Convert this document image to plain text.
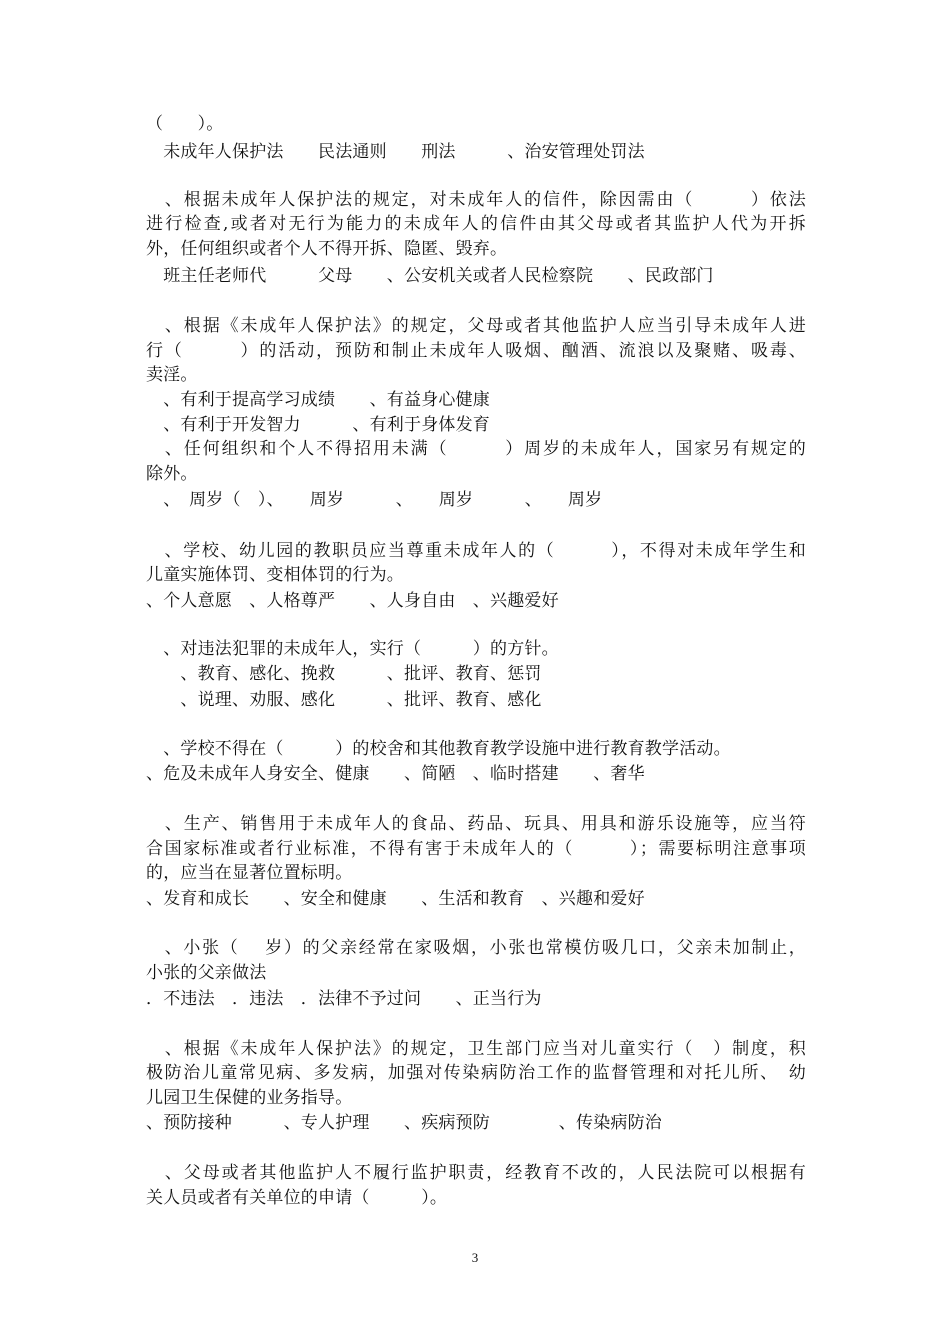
（　　）。
　未成年人保护法　　民法通则　　刑法　　　、治安管理处罚法
　、根据未成年人保护法的规定，对未成年人的信件，除因需由（　　　）依法
进行检查,或者对无行为能力的未成年人的信件由其父母或者其监护人代为开拆
外，任何组织或者个人不得开拆、隐匿、毁弃。
　班主任老师代　　　父母　　、公安机关或者人民检察院　　、民政部门
　、根据《未成年人保护法》的规定，父母或者其他监护人应当引导未成年人进
行（　　　）的活动，预防和制止未成年人吸烟、酗酒、流浪以及聚赌、吸毒、
卖淫。
　、有利于提高学习成绩　　、有益身心健康
　、有利于开发智力　　　、有利于身体发育
　、任何组织和个人不得招用未满（　　　）周岁的未成年人，国家另有规定的
除外。
　、　周岁（　）、　　周岁　　　、　　周岁　　　、　　周岁
　、学校、幼儿园的教职员应当尊重未成年人的（　　　），不得对未成年学生和
儿童实施体罚、变相体罚的行为。
、个人意愿　、人格尊严　　、人身自由　、兴趣爱好
　、对违法犯罪的未成年人，实行（　　　）的方针。
　　、教育、感化、挽救　　　、批评、教育、惩罚
　　、说理、劝服、感化　　　、批评、教育、感化
　、学校不得在（　　　）的校舍和其他教育教学设施中进行教育教学活动。
、危及未成年人身安全、健康　　、简陋　、临时搭建　　、奢华
　、生产、销售用于未成年人的食品、药品、玩具、用具和游乐设施等，应当符
合国家标准或者行业标准，不得有害于未成年人的（　　　）；需要标明注意事项
的，应当在显著位置标明。
、发育和成长　　、安全和健康　　、生活和教育　、兴趣和爱好
　、小张（　 岁）的父亲经常在家吸烟，小张也常模仿吸几口，父亲未加制止，
小张的父亲做法
．不违法　．违法　．法律不予过问　　、正当行为
　、根据《未成年人保护法》的规定，卫生部门应当对儿童实行（　）制度，积
极防治儿童常见病、多发病，加强对传染病防治工作的监督管理和对托儿所、　幼
儿园卫生保健的业务指导。
、预防接种　　　、专人护理　　、疾病预防　　　　、传染病防治
　、父母或者其他监护人不履行监护职责，经教育不改的，人民法院可以根据有
关人员或者有关单位的申请（　　　）。
3
